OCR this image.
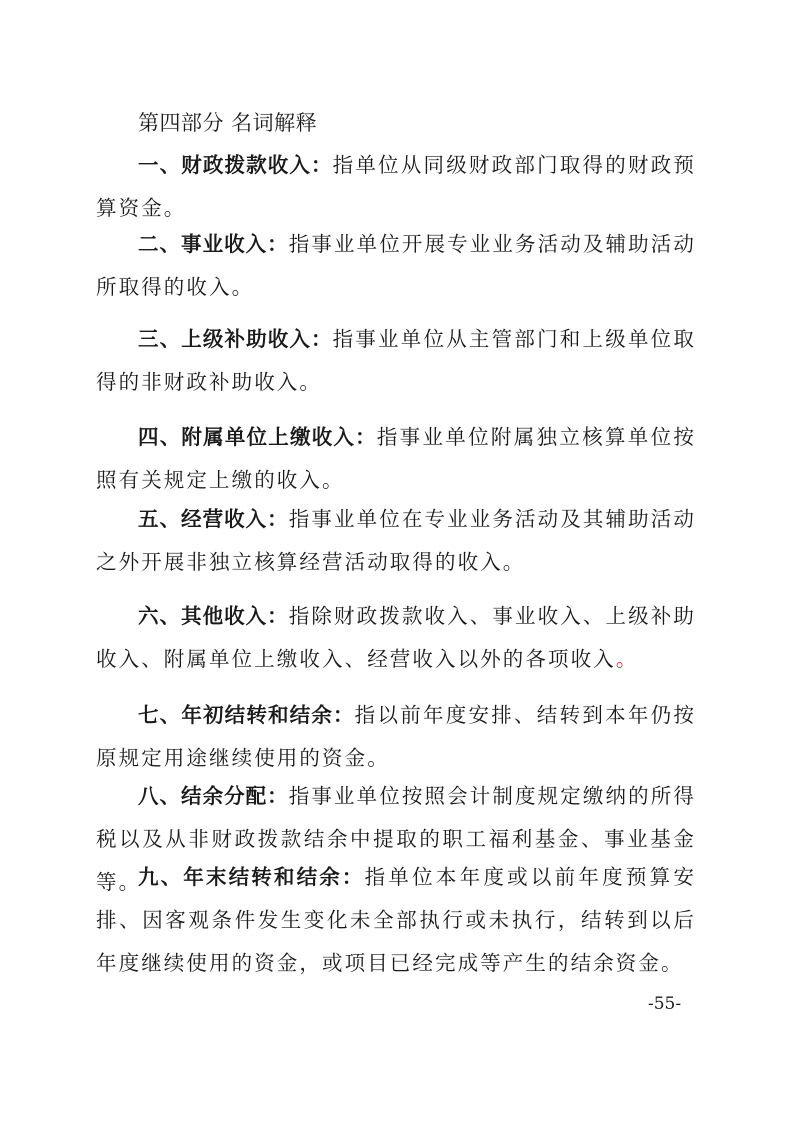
第四部分 名词解释

一、财政拨款收入：指单位从同级财政部门取得的财政预算资金。

二、事业收入：指事业单位开展专业业务活动及辅助活动所取得的收入。

三、上级补助收入：指事业单位从主管部门和上级单位取得的非财政补助收入。

四、附属单位上缴收入：指事业单位附属独立核算单位按照有关规定上缴的收入。

五、经营收入：指事业单位在专业业务活动及其辅助活动之外开展非独立核算经营活动取得的收入。

六、其他收入：指除财政拨款收入、事业收入、上级补助收入、附属单位上缴收入、经营收入以外的各项收入。

七、年初结转和结余：指以前年度安排、结转到本年仍按原规定用途继续使用的资金。

八、结余分配：指事业单位按照会计制度规定缴纳的所得税以及从非财政拨款结余中提取的职工福利基金、事业基金等。

九、年末结转和结余：指单位本年度或以前年度预算安排、因客观条件发生变化未全部执行或未执行，结转到以后年度继续使用的资金，或项目已经完成等产生的结余资金。

-55-
